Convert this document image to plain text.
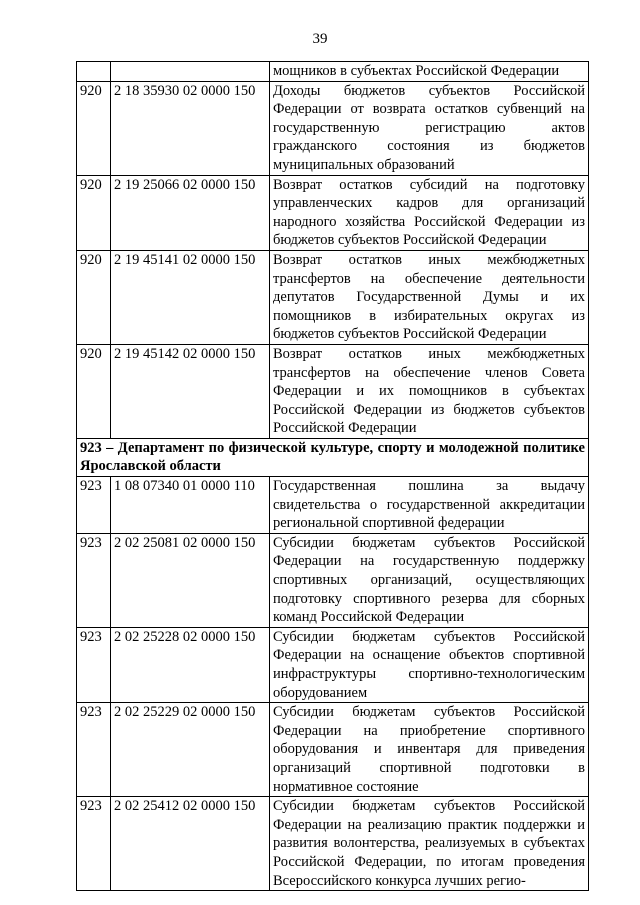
39
		мощников в субъектах Российской Федерации
920	2 18 35930 02 0000 150	Доходы бюджетов субъектов Российской Федерации от возврата остатков субвенций на государственную регистрацию актов гражданского состояния из бюджетов муниципальных образований
920	2 19 25066 02 0000 150	Возврат остатков субсидий на подготовку управленческих кадров для организаций народного хозяйства Российской Федерации из бюджетов субъектов Российской Федерации
920	2 19 45141 02 0000 150	Возврат остатков иных межбюджетных трансфертов на обеспечение деятельности депутатов Государственной Думы и их помощников в избирательных округах из бюджетов субъектов Российской Федерации
920	2 19 45142 02 0000 150	Возврат остатков иных межбюджетных трансфертов на обеспечение членов Совета Федерации и их помощников в субъектах Российской Федерации из бюджетов субъектов Российской Федерации
923 – Департамент по физической культуре, спорту и молодежной политике Ярославской области		
923	1 08 07340 01 0000 110	Государственная пошлина за выдачу свидетельства о государственной аккредитации региональной спортивной федерации
923	2 02 25081 02 0000 150	Субсидии бюджетам субъектов Российской Федерации на государственную поддержку спортивных организаций, осуществляющих подготовку спортивного резерва для сборных команд Российской Федерации
923	2 02 25228 02 0000 150	Субсидии бюджетам субъектов Российской Федерации на оснащение объектов спортивной инфраструктуры спортивно-технологическим оборудованием
923	2 02 25229 02 0000 150	Субсидии бюджетам субъектов Российской Федерации на приобретение спортивного оборудования и инвентаря для приведения организаций спортивной подготовки в нормативное состояние
923	2 02 25412 02 0000 150	Субсидии бюджетам субъектов Российской Федерации на реализацию практик поддержки и развития волонтерства, реализуемых в субъектах Российской Федерации, по итогам проведения Всероссийского конкурса лучших регио-
